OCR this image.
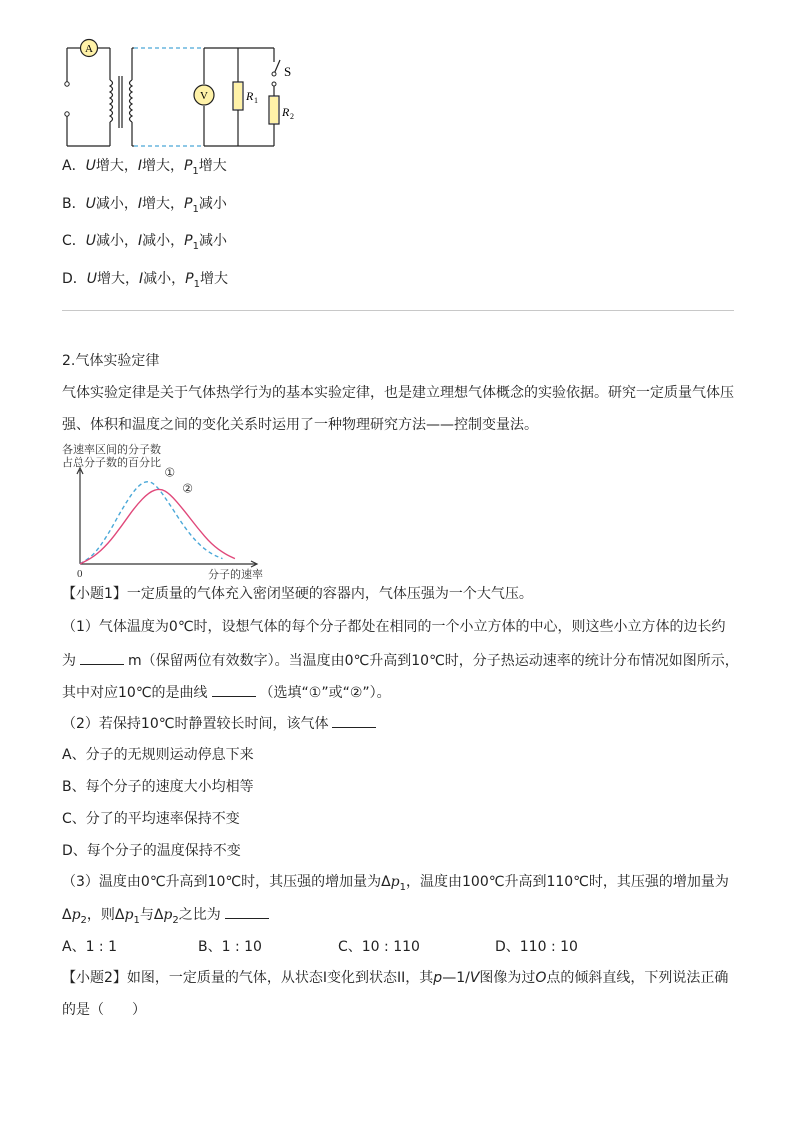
A
V
S
R 1
R 2
A．U增大，I增大，$P_1$增大
B．U减小，I增大，$P_1$减小
C．U减小，I减小，$P_1$减小
D．U增大，I减小，$P_1$增大
2.气体实验定律
气体实验定律是关于气体热学行为的基本实验定律，也是建立理想气体概念的实验依据。研究一定质量气体压
强、体积和温度之间的变化关系时运用了一种物理研究方法——控制变量法。
各速率区间的分子数
占总分子数的百分比
0	分子的速率
①
②
【小题1】一定质量的气体充入密闭坚硬的容器内，气体压强为一个大气压。
（1）气体温度为0℃时，设想气体的每个分子都处在相同的一个小立方体的中心，则这些小立方体的边长约
为	m（保留两位有效数字）。当温度由0℃升高到10℃时，分子热运动速率的统计分布情况如图所示，
其中对应10℃的是曲线	（选填“①”或“②”）。
（2）若保持10℃时静置较长时间，该气体
A、分子的无规则运动停息下来
B、每个分子的速度大小均相等
C、分了的平均速率保持不变
D、每个分子的温度保持不变
（3）温度由0℃升高到10℃时，其压强的增加量为$\Delta p_1$，温度由100℃升高到110℃时，其压强的增加量为
$\Delta p_2$，则$\Delta p_1$与$\Delta p_2$之比为
A、1 : 1	B、1 : 10	C、10 : 110	D、110 : 10
【小题2】如图，一定质量的气体，从状态I变化到状态II，其p—1/V图像为过O点的倾斜直线，下列说法正确
的是（　　）
